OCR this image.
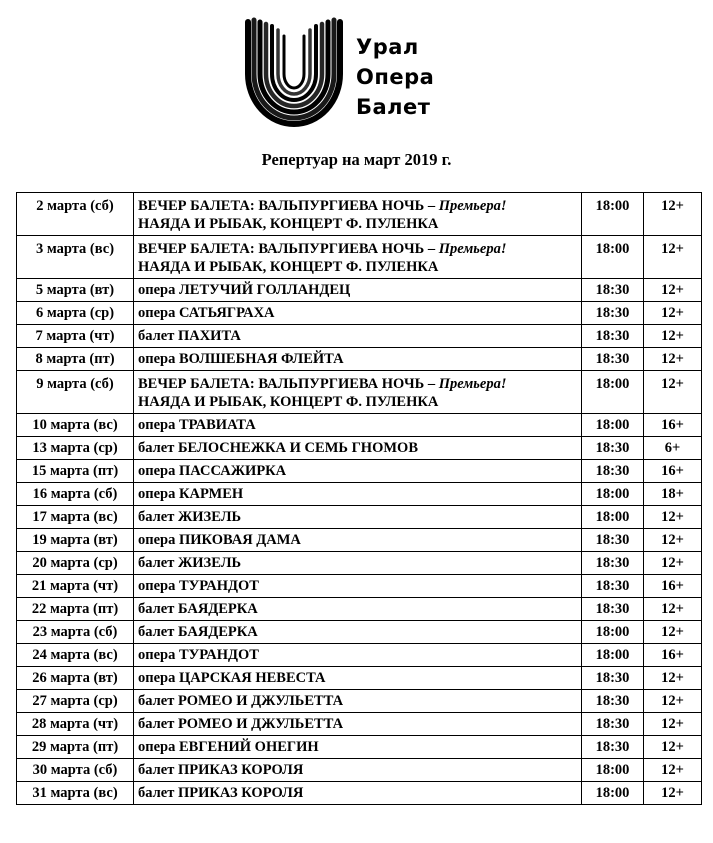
Урал
Опера
Балет
Репертуар на март 2019 г.
2 марта (сб)	ВЕЧЕР БАЛЕТА: ВАЛЬПУРГИЕВА НОЧЬ – Премьера!
НАЯДА И РЫБАК, КОНЦЕРТ Ф. ПУЛЕНКА	18:00	12+
3 марта (вс)	ВЕЧЕР БАЛЕТА: ВАЛЬПУРГИЕВА НОЧЬ – Премьера!
НАЯДА И РЫБАК, КОНЦЕРТ Ф. ПУЛЕНКА	18:00	12+
5 марта (вт)	опера ЛЕТУЧИЙ ГОЛЛАНДЕЦ	18:30	12+
6 марта (ср)	опера САТЬЯГРАХА	18:30	12+
7 марта (чт)	балет ПАХИТА	18:30	12+
8 марта (пт)	опера ВОЛШЕБНАЯ ФЛЕЙТА	18:30	12+
9 марта (сб)	ВЕЧЕР БАЛЕТА: ВАЛЬПУРГИЕВА НОЧЬ – Премьера!
НАЯДА И РЫБАК, КОНЦЕРТ Ф. ПУЛЕНКА	18:00	12+
10 марта (вс)	опера ТРАВИАТА	18:00	16+
13 марта (ср)	балет БЕЛОСНЕЖКА И СЕМЬ ГНОМОВ	18:30	6+
15 марта (пт)	опера ПАССАЖИРКА	18:30	16+
16 марта (сб)	опера КАРМЕН	18:00	18+
17 марта (вс)	балет ЖИЗЕЛЬ	18:00	12+
19 марта (вт)	опера ПИКОВАЯ ДАМА	18:30	12+
20 марта (ср)	балет ЖИЗЕЛЬ	18:30	12+
21 марта (чт)	опера ТУРАНДОТ	18:30	16+
22 марта (пт)	балет БАЯДЕРКА	18:30	12+
23 марта (сб)	балет БАЯДЕРКА	18:00	12+
24 марта (вс)	опера ТУРАНДОТ	18:00	16+
26 марта (вт)	опера ЦАРСКАЯ НЕВЕСТА	18:30	12+
27 марта (ср)	балет РОМЕО И ДЖУЛЬЕТТА	18:30	12+
28 марта (чт)	балет РОМЕО И ДЖУЛЬЕТТА	18:30	12+
29 марта (пт)	опера ЕВГЕНИЙ ОНЕГИН	18:30	12+
30 марта (сб)	балет ПРИКАЗ КОРОЛЯ	18:00	12+
31 марта (вс)	балет ПРИКАЗ КОРОЛЯ	18:00	12+
